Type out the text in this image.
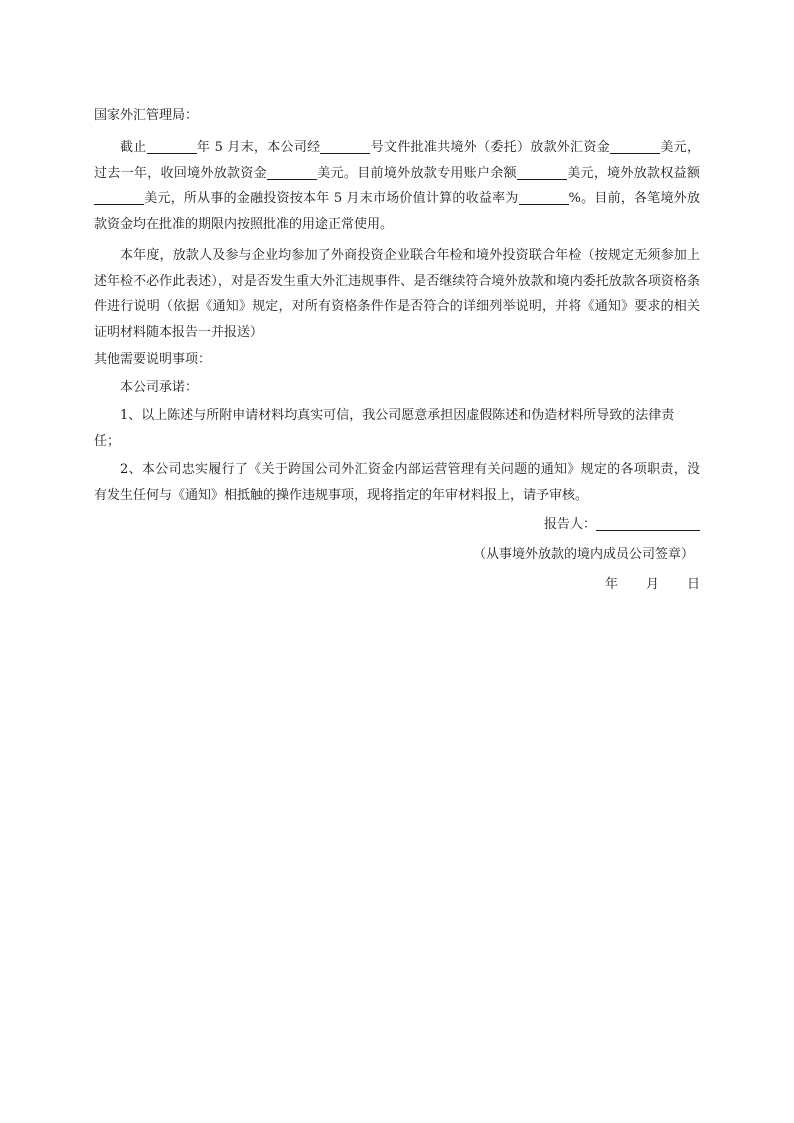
国家外汇管理局：

截止	年 5 月末，本公司经	号文件批准共境外（委托）放款外汇资金	美元，过去一年，收回境外放款资金	美元。目前境外放款专用账户余额	美元，境外放款权益额美元，所从事的金融投资按本年 5 月末市场价值计算的收益率为	%。目前，各笔境外放款资金均在批准的期限内按照批准的用途正常使用。

本年度，放款人及参与企业均参加了外商投资企业联合年检和境外投资联合年检（按规定无须参加上述年检不必作此表述），对是否发生重大外汇违规事件、是否继续符合境外放款和境内委托放款各项资格条件进行说明（依据《通知》规定，对所有资格条件作是否符合的详细列举说明，并将《通知》要求的相关证明材料随本报告一并报送）

其他需要说明事项：

本公司承诺：

1、以上陈述与所附申请材料均真实可信，我公司愿意承担因虚假陈述和伪造材料所导致的法律责任；

2、本公司忠实履行了《关于跨国公司外汇资金内部运营管理有关问题的通知》规定的各项职责，没有发生任何与《通知》相抵触的操作违规事项，现将指定的年审材料报上，请予审核。

报告人：
（从事境外放款的境内成员公司签章）
年 月 日
